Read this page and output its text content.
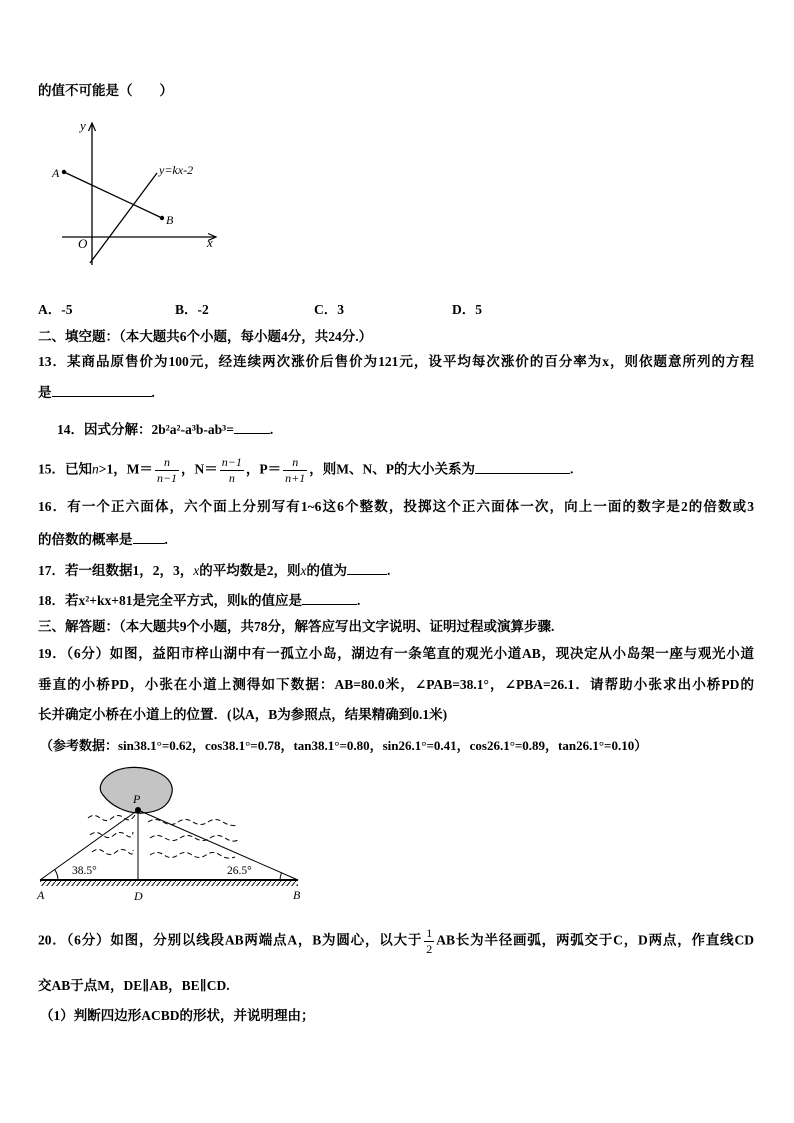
的值不可能是（　　）
y
x
O
A
B
y=kx-2
A．-5	B．-2	C．3	D．5
二、填空题：（本大题共6个小题，每小题4分，共24分.）
13．某商品原售价为100元，经连续两次涨价后售价为121元，设平均每次涨价的百分率为x，则依题意所列的方程
是	.
14．因式分解：2b²a²-a³b-ab³=	.
15．已知n>1，$M= \frac{n}{n-1}$ ，$N= \frac{n-1}{n}$ ，$P= \frac{n}{n+1}$ ，则M、N、P的大小关系为	.
16．有一个正六面体，六个面上分别写有1~6这6个整数，投掷这个正六面体一次，向上一面的数字是2的倍数或3
的倍数的概率是 .
17．若一组数据1，2，3，x的平均数是2，则x的值为	.
18．若x²+kx+81是完全平方式，则k的值应是	.
三、解答题：（本大题共9个小题，共78分，解答应写出文字说明、证明过程或演算步骤.
19．（6分）如图，益阳市梓山湖中有一孤立小岛，湖边有一条笔直的观光小道AB，现决定从小岛架一座与观光小道
垂直的小桥PD，小张在小道上测得如下数据：AB=80.0米，∠PAB=38.1°，∠PBA=26.1．请帮助小张求出小桥PD的
长并确定小桥在小道上的位置．(以A，B为参照点，结果精确到0.1米)
（参考数据：sin38.1°=0.62，cos38.1°=0.78，tan38.1°=0.80，sin26.1°=0.41，cos26.1°=0.89，tan26.1°=0.10）
P
38.5°	26.5°
A	D	B
20．（6分）如图，分别以线段AB两端点A，B为圆心，以大于 $\frac{1}{2}$ AB长为半径画弧，两弧交于C，D两点，作直线CD
交AB于点M，DE∥AB，BE∥CD.
（1）判断四边形ACBD的形状，并说明理由；
